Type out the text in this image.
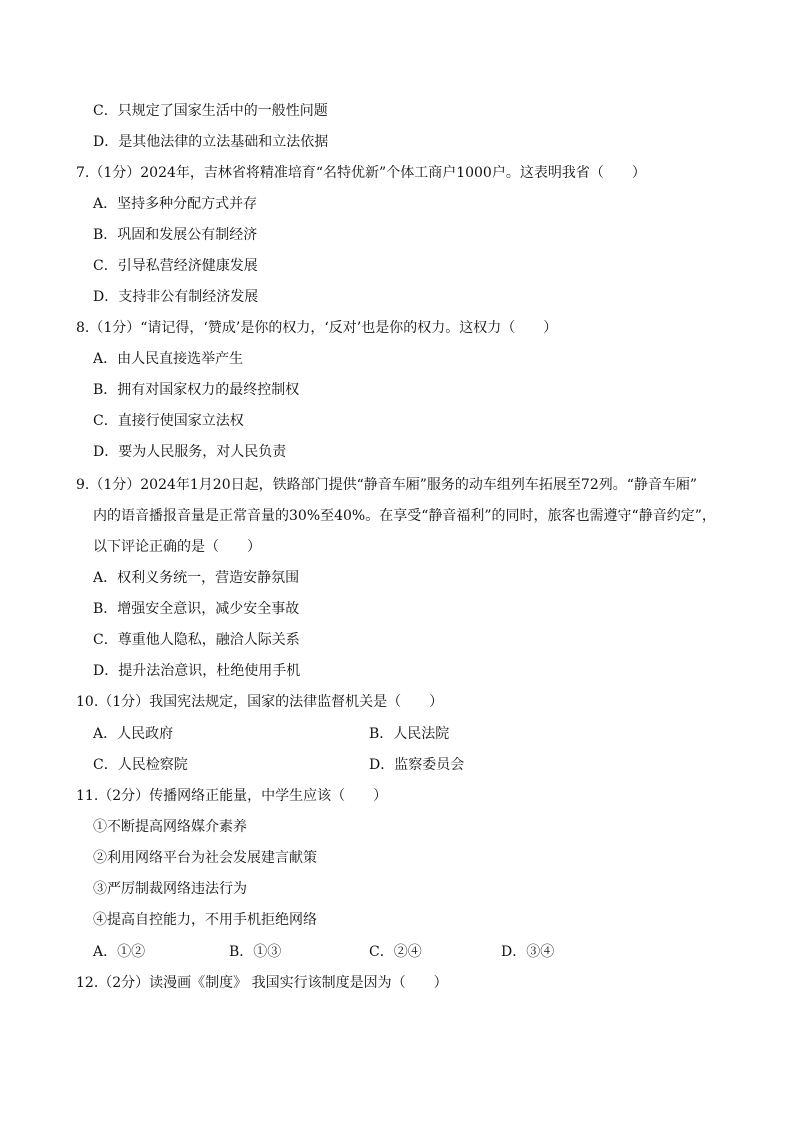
C．只规定了国家生活中的一般性问题
D．是其他法律的立法基础和立法依据
7.（1分）2024年，吉林省将精准培育“名特优新”个体工商户1000户。这表明我省（　　）
A．坚持多种分配方式并存
B．巩固和发展公有制经济
C．引导私营经济健康发展
D．支持非公有制经济发展
8.（1分）“请记得，‘赞成’是你的权力，‘反对’也是你的权力。这权力（　　）
A．由人民直接选举产生
B．拥有对国家权力的最终控制权
C．直接行使国家立法权
D．要为人民服务，对人民负责
9.（1分）2024年1月20日起，铁路部门提供“静音车厢”服务的动车组列车拓展至72列。“静音车厢”
内的语音播报音量是正常音量的30%至40%。在享受“静音福利”的同时，旅客也需遵守“静音约定”，
以下评论正确的是（　　）
A．权利义务统一，营造安静氛围
B．增强安全意识，减少安全事故
C．尊重他人隐私，融洽人际关系
D．提升法治意识，杜绝使用手机
10.（1分）我国宪法规定，国家的法律监督机关是（　　）
A．人民政府	B．人民法院
C．人民检察院	D．监察委员会
11.（2分）传播网络正能量，中学生应该（　　）
①不断提高网络媒介素养
②利用网络平台为社会发展建言献策
③严厉制裁网络违法行为
④提高自控能力，不用手机拒绝网络
A．①②	B．①③	C．②④	D．③④
12.（2分）读漫画《制度》 我国实行该制度是因为（　　）
